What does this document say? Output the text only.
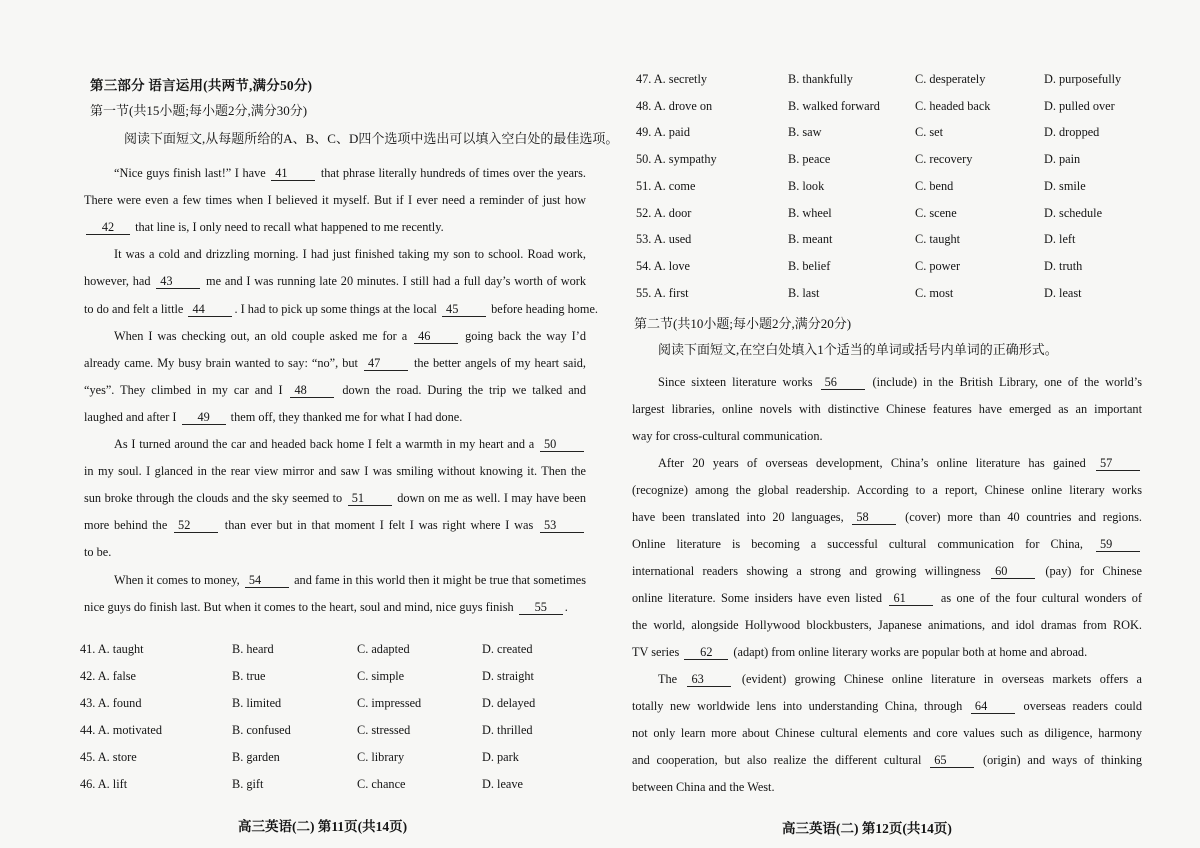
第三部分 语言运用(共两节,满分50分)
第一节(共15小题;每小题2分,满分30分)
阅读下面短文,从每题所给的A、B、C、D四个选项中选出可以填入空白处的最佳选项。
“Nice guys finish last!” I have 41 that phrase literally hundreds of times over the years.
There were even a few times when I believed it myself. But if I ever need a reminder of just how
42 that line is, I only need to recall what happened to me recently.
It was a cold and drizzling morning. I had just finished taking my son to school. Road work,
however, had 43 me and I was running late 20 minutes. I still had a full day’s worth of work
to do and felt a little 44 . I had to pick up some things at the local 45 before heading home.
When I was checking out, an old couple asked me for a 46 going back the way I’d
already came. My busy brain wanted to say: “no”, but 47 the better angels of my heart said,
“yes”. They climbed in my car and I 48 down the road. During the trip we talked and
laughed and after I 49 them off, they thanked me for what I had done.
As I turned around the car and headed back home I felt a warmth in my heart and a 50
in my soul. I glanced in the rear view mirror and saw I was smiling without knowing it. Then the
sun broke through the clouds and the sky seemed to 51 down on me as well. I may have been
more behind the 52 than ever but in that moment I felt I was right where I was 53
to be.
When it comes to money, 54 and fame in this world then it might be true that sometimes
nice guys do finish last. But when it comes to the heart, soul and mind, nice guys finish 55 .
41. A. taught	B. heard	C. adapted	D. created
42. A. false	B. true	C. simple	D. straight
43. A. found	B. limited	C. impressed	D. delayed
44. A. motivated	B. confused	C. stressed	D. thrilled
45. A. store	B. garden	C. library	D. park
46. A. lift	B. gift	C. chance	D. leave
高三英语(二) 第11页(共14页)
47. A. secretly	B. thankfully	C. desperately	D. purposefully
48. A. drove on	B. walked forward	C. headed back	D. pulled over
49. A. paid	B. saw	C. set	D. dropped
50. A. sympathy	B. peace	C. recovery	D. pain
51. A. come	B. look	C. bend	D. smile
52. A. door	B. wheel	C. scene	D. schedule
53. A. used	B. meant	C. taught	D. left
54. A. love	B. belief	C. power	D. truth
55. A. first	B. last	C. most	D. least
第二节(共10小题;每小题2分,满分20分)
阅读下面短文,在空白处填入1个适当的单词或括号内单词的正确形式。
Since sixteen literature works 56 (include) in the British Library, one of the world’s
largest libraries, online novels with distinctive Chinese features have emerged as an important
way for cross-cultural communication.
After 20 years of overseas development, China’s online literature has gained 57
(recognize) among the global readership. According to a report, Chinese online literary works
have been translated into 20 languages, 58 (cover) more than 40 countries and regions.
Online literature is becoming a successful cultural communication for China, 59
international readers showing a strong and growing willingness 60 (pay) for Chinese
online literature. Some insiders have even listed 61 as one of the four cultural wonders of
the world, alongside Hollywood blockbusters, Japanese animations, and idol dramas from ROK.
TV series 62 (adapt) from online literary works are popular both at home and abroad.
The 63 (evident) growing Chinese online literature in overseas markets offers a
totally new worldwide lens into understanding China, through 64 overseas readers could
not only learn more about Chinese cultural elements and core values such as diligence, harmony
and cooperation, but also realize the different cultural 65 (origin) and ways of thinking
between China and the West.
高三英语(二) 第12页(共14页)
